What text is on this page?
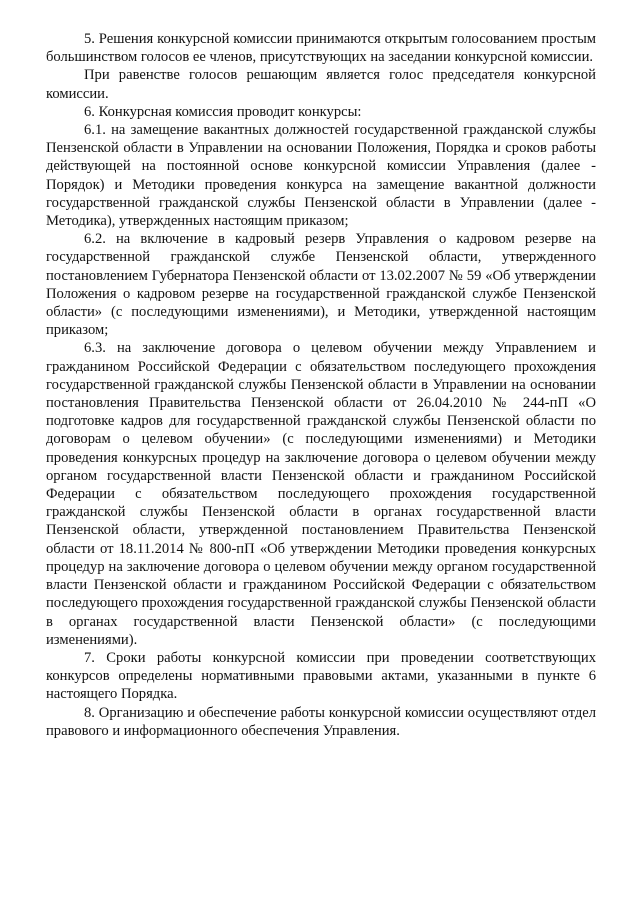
5. Решения конкурсной комиссии принимаются открытым голосованием простым большинством голосов ее членов, присутствующих на заседании конкурсной комиссии.

При равенстве голосов решающим является голос председателя конкурсной комиссии.

6. Конкурсная комиссия проводит конкурсы:

6.1. на замещение вакантных должностей государственной гражданской службы Пензенской области в Управлении на основании Положения, Порядка и сроков работы действующей на постоянной основе конкурсной комиссии Управления (далее - Порядок) и Методики проведения конкурса на замещение вакантной должности государственной гражданской службы Пензенской области в Управлении (далее - Методика), утвержденных настоящим приказом;

6.2. на включение в кадровый резерв Управления о кадровом резерве на государственной гражданской службе Пензенской области, утвержденного постановлением Губернатора Пензенской области от 13.02.2007 № 59 «Об утверждении Положения о кадровом резерве на государственной гражданской службе Пензенской области» (с последующими изменениями), и Методики, утвержденной настоящим приказом;

6.3. на заключение договора о целевом обучении между Управлением и гражданином Российской Федерации с обязательством последующего прохождения государственной гражданской службы Пензенской области в Управлении на основании постановления Правительства Пензенской области от 26.04.2010 № 244-пП «О подготовке кадров для государственной гражданской службы Пензенской области по договорам о целевом обучении» (с последующими изменениями) и Методики проведения конкурсных процедур на заключение договора о целевом обучении между органом государственной власти Пензенской области и гражданином Российской Федерации с обязательством последующего прохождения государственной гражданской службы Пензенской области в органах государственной власти Пензенской области, утвержденной постановлением Правительства Пензенской области от 18.11.2014 № 800-пП «Об утверждении Методики проведения конкурсных процедур на заключение договора о целевом обучении между органом государственной власти Пензенской области и гражданином Российской Федерации с обязательством последующего прохождения государственной гражданской службы Пензенской области в органах государственной власти Пензенской области» (с последующими изменениями).

7. Сроки работы конкурсной комиссии при проведении соответствующих конкурсов определены нормативными правовыми актами, указанными в пункте 6 настоящего Порядка.

8. Организацию и обеспечение работы конкурсной комиссии осуществляют отдел правового и информационного обеспечения Управления.
